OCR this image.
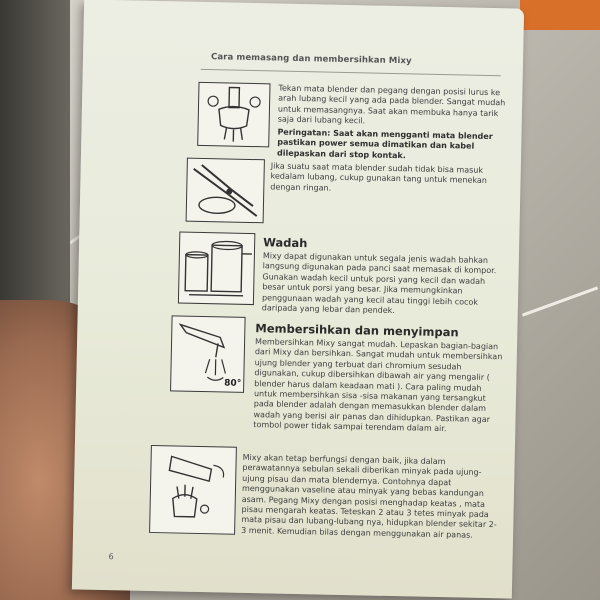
Cara memasang dan membersihkan Mixy

Tekan mata blender dan pegang dengan posisi lurus ke arah lubang kecil yang ada pada blender. Sangat mudah untuk memasangnya. Saat akan membuka hanya tarik saja dari lubang kecil.

Peringatan: Saat akan mengganti mata blender pastikan power semua dimatikan dan kabel dilepaskan dari stop kontak.

Jika suatu saat mata blender sudah tidak bisa masuk kedalam lubang, cukup gunakan tang untuk menekan dengan ringan.

Wadah

Mixy dapat digunakan untuk segala jenis wadah bahkan langsung digunakan pada panci saat memasak di kompor. Gunakan wadah kecil untuk porsi yang kecil dan wadah besar untuk porsi yang besar. Jika memungkinkan penggunaan wadah yang kecil atau tinggi lebih cocok daripada yang lebar dan pendek.

80°
Membersihkan dan menyimpan

Membersihkan Mixy sangat mudah. Lepaskan bagian-bagian dari Mixy dan bersihkan. Sangat mudah untuk membersihkan ujung blender yang terbuat dari chromium sesudah digunakan, cukup dibersihkan dibawah air yang mengalir ( blender harus dalam keadaan mati ). Cara paling mudah untuk membersihkan sisa -sisa makanan yang tersangkut pada blender adalah dengan memasukkan blender dalam wadah yang berisi air panas dan dihidupkan. Pastikan agar tombol power tidak sampai terendam dalam air.

Mixy akan tetap berfungsi dengan baik, jika dalam perawatannya sebulan sekali diberikan minyak pada ujung-ujung pisau dan mata blendernya. Contohnya dapat menggunakan vaseline atau minyak yang bebas kandungan asam. Pegang Mixy dengan posisi menghadap keatas , mata pisau mengarah keatas. Teteskan 2 atau 3 tetes minyak pada mata pisau dan lubang-lubang nya, hidupkan blender sekitar 2-3 menit. Kemudian bilas dengan menggunakan air panas.

6
